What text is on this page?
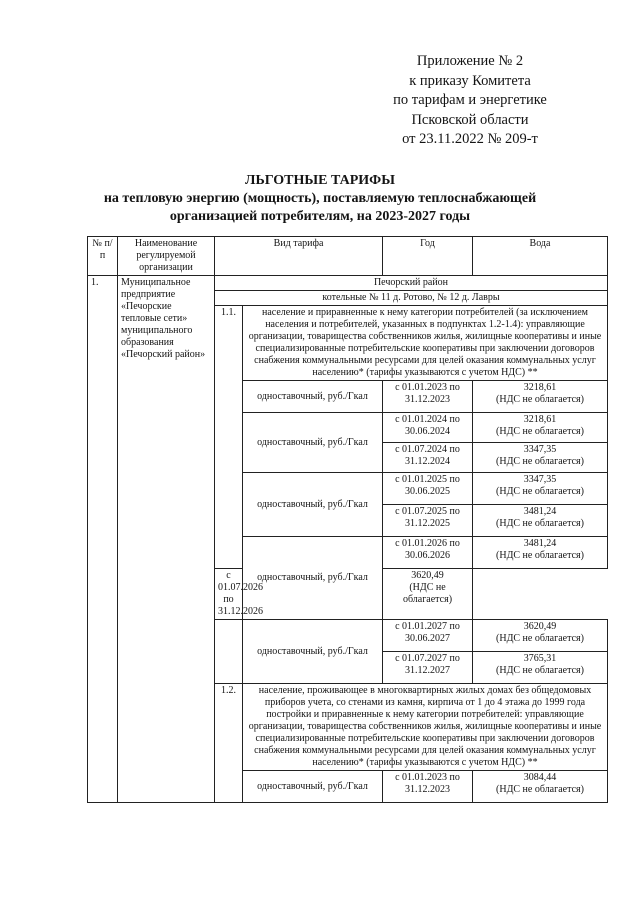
Приложение № 2
к приказу Комитета
по тарифам и энергетике
Псковской области
от 23.11.2022 № 209-т
ЛЬГОТНЫЕ ТАРИФЫ
на тепловую энергию (мощность), поставляемую теплоснабжающей
организацией потребителям, на 2023-2027 годы
№ п/п	Наименование регулируемой организации	Вид тарифа		Год	Вода
1.	Муниципальное предприятие «Печорские тепловые сети» муниципального образования «Печорский район»	Печорский район			
		котельные № 11 д. Ротово, № 12 д. Лавры			
		1.1.	население и приравненные к нему категории потребителей (за исключением населения и потребителей, указанных в подпунктах 1.2-1.4): управляющие организации, товарищества собственников жилья, жилищные кооперативы и иные специализированные потребительские кооперативы при заключении договоров снабжения коммунальными ресурсами для целей оказания коммунальных услуг населению* (тарифы указываются с учетом НДС) **		
			одноставочный, руб./Гкал	с 01.01.2023 по 31.12.2023	3218,61
(НДС не облагается)

			одноставочный, руб./Гкал	с 01.01.2024 по 30.06.2024	3218,61
(НДС не облагается)

				с 01.07.2024 по 31.12.2024	3347,35
(НДС не облагается)

			одноставочный, руб./Гкал	с 01.01.2025 по 30.06.2025	3347,35
(НДС не облагается)

				с 01.07.2025 по 31.12.2025	3481,24
(НДС не облагается)

			одноставочный, руб./Гкал	с 01.01.2026 по 30.06.2026	3481,24
(НДС не облагается)

		с 01.07.2026 по 31.12.2026		3620,49
(НДС не облагается)	

			одноставочный, руб./Гкал	с 01.01.2027 по 30.06.2027	3620,49
(НДС не облагается)

				с 01.07.2027 по 31.12.2027	3765,31
(НДС не облагается)

		1.2.	население, проживающее в многоквартирных жилых домах без общедомовых приборов учета, со стенами из камня, кирпича от 1 до 4 этажа до 1999 года постройки и приравненные к нему категории потребителей: управляющие организации, товарищества собственников жилья, жилищные кооперативы и иные специализированные потребительские кооперативы при заключении договоров снабжения коммунальными ресурсами для целей оказания коммунальных услуг населению* (тарифы указываются с учетом НДС) **		
			одноставочный, руб./Гкал	с 01.01.2023 по 31.12.2023	3084,44
(НДС не облагается)
